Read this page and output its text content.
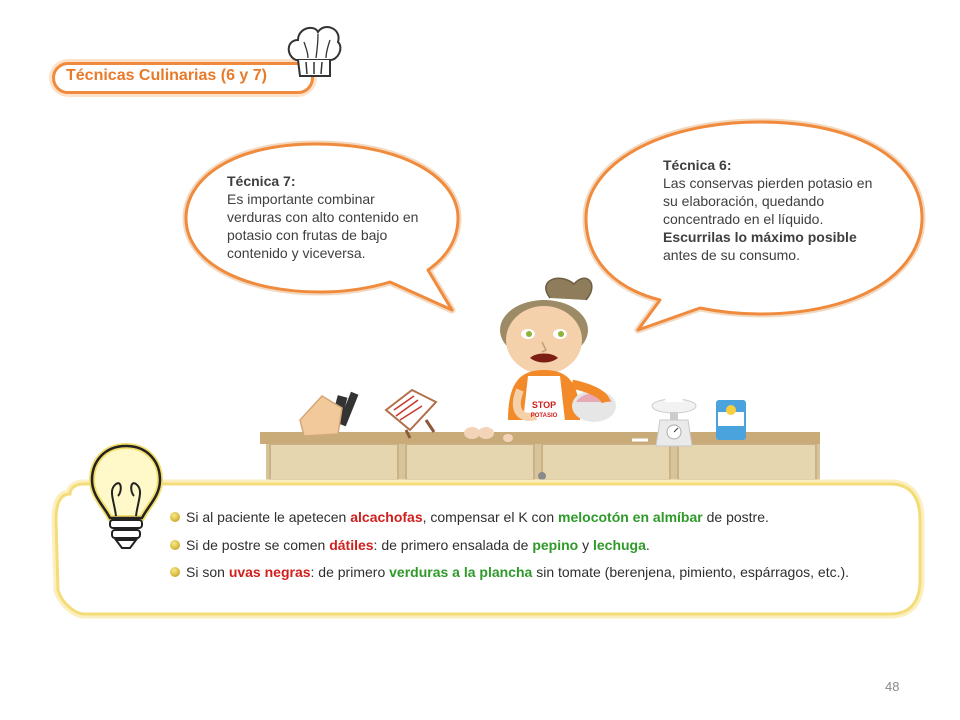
Técnicas Culinarias (6 y 7)
Técnica 7:
Es importante combinar verduras con alto contenido en potasio con frutas de bajo contenido y viceversa.
Técnica 6:
Las conservas pierden potasio en su elaboración, quedando concentrado en el líquido. Escurrilas lo máximo posible antes de su consumo.
STOP
POTASIO
Si al paciente le apetecen alcachofas, compensar el K con melocotón en almíbar de postre.
Si de postre se comen dátiles: de primero ensalada de pepino y lechuga.
Si son uvas negras: de primero verduras a la plancha sin tomate (berenjena, pimiento, espárragos, etc.).
48
